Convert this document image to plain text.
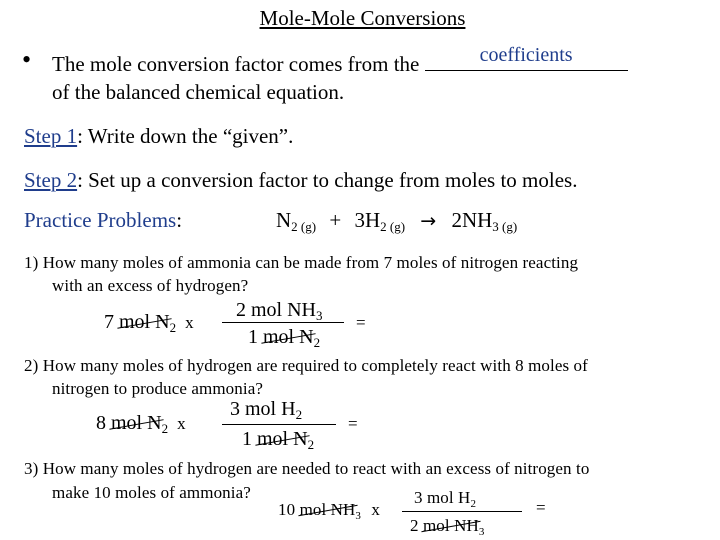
Mole-Mole Conversions
• The mole conversion factor comes from the	coefficients
of the balanced chemical equation.
Step 1: Write down the “given”.
Step 2: Set up a conversion factor to change from moles to moles.
Practice Problems:	$N_{2 (g)} + 3H_{2 (g)} \to 2NH_{3 (g)}$
1) How many moles of ammonia can be made from 7 moles of nitrogen reacting
with an excess of hydrogen?
7 mol $N_2$ x
2 mol $NH_3$
1 mol $N_2$
=
2) How many moles of hydrogen are required to completely react with 8 moles of
nitrogen to produce ammonia?
8 mol $N_2$ x
3 mol $H_2$
1 mol $N_2$
=
3) How many moles of hydrogen are needed to react with an excess of nitrogen to
make 10 moles of ammonia?
10 mol $NH_3$ x
3 mol $H_2$
2 mol $NH_3$
=
